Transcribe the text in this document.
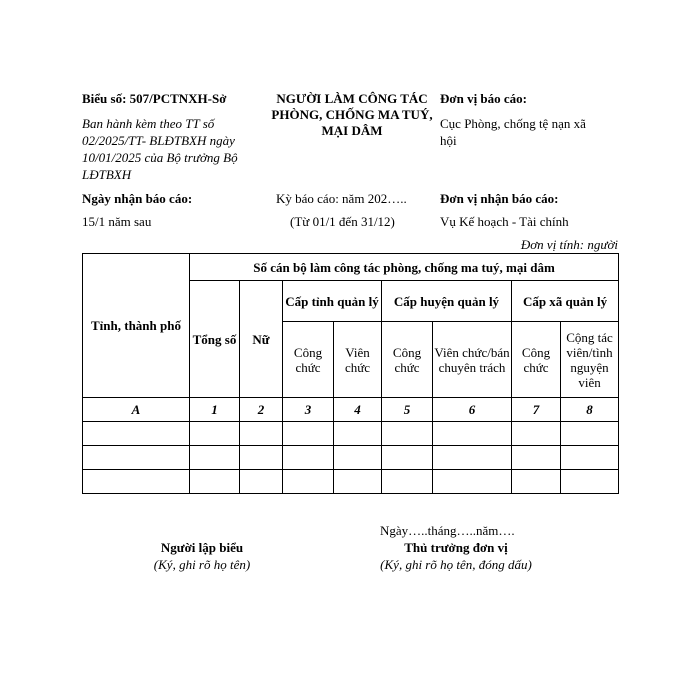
Biểu số: 507/PCTNXH-Sở
Ban hành kèm theo TT số 02/2025/TT- BLĐTBXH ngày 10/01/2025 của Bộ trưởng Bộ LĐTBXH
NGƯỜI LÀM CÔNG TÁC PHÒNG, CHỐNG MA TUÝ, MẠI DÂM
Đơn vị báo cáo:
Cục Phòng, chống tệ nạn xã hội
Ngày nhận báo cáo:
15/1 năm sau
Kỳ báo cáo: năm 202…..
(Từ 01/1 đến 31/12)
Đơn vị nhận báo cáo:
Vụ Kế hoạch - Tài chính
Đơn vị tính: người
Tỉnh, thành phố	Số cán bộ làm công tác phòng, chống ma tuý, mại dâm							
	Tổng số	Nữ	Cấp tỉnh quản lý		Cấp huyện quản lý		Cấp xã quản lý	
			Công chức	Viên chức	Công chức	Viên chức/bán chuyên trách	Công chức	Cộng tác viên/tình nguyện viên
A	1	2	3	4	5	6	7	8

Ngày…..tháng…..năm….
Người lập biểu
(Ký, ghi rõ họ tên)
Thủ trưởng đơn vị
(Ký, ghi rõ họ tên, đóng dấu)
